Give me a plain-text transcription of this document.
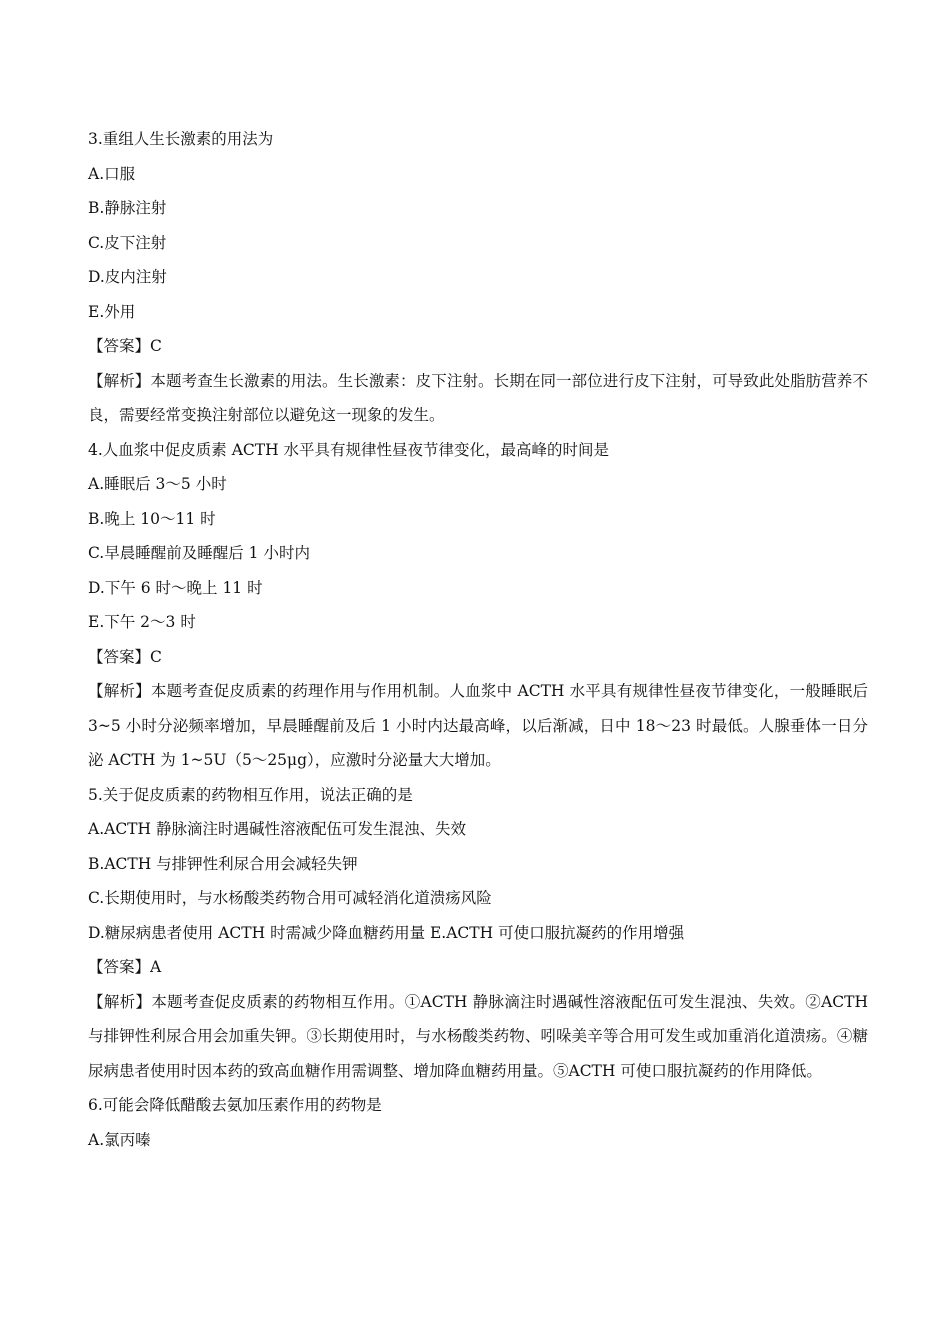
3.重组人生长激素的用法为
A.口服
B.静脉注射
C.皮下注射
D.皮内注射
E.外用
【答案】C
【解析】本题考查生长激素的用法。生长激素：皮下注射。长期在同一部位进行皮下注射，可导致此处脂肪营养不良，需要经常变换注射部位以避免这一现象的发生。
4.人血浆中促皮质素 ACTH 水平具有规律性昼夜节律变化，最高峰的时间是
A.睡眠后 3～5 小时
B.晚上 10～11 时
C.早晨睡醒前及睡醒后 1 小时内
D.下午 6 时～晚上 11 时
E.下午 2～3 时
【答案】C
【解析】本题考查促皮质素的药理作用与作用机制。人血浆中 ACTH 水平具有规律性昼夜节律变化，一般睡眠后 3~5 小时分泌频率增加，早晨睡醒前及后 1 小时内达最高峰，以后渐减，日中 18～23 时最低。人腺垂体一日分泌 ACTH 为 1~5U（5～25μg），应激时分泌量大大增加。
5.关于促皮质素的药物相互作用，说法正确的是
A.ACTH 静脉滴注时遇碱性溶液配伍可发生混浊、失效
B.ACTH 与排钾性利尿合用会减轻失钾
C.长期使用时，与水杨酸类药物合用可减轻消化道溃疡风险
D.糖尿病患者使用 ACTH 时需减少降血糖药用量 E.ACTH 可使口服抗凝药的作用增强
【答案】A
【解析】本题考查促皮质素的药物相互作用。①ACTH 静脉滴注时遇碱性溶液配伍可发生混浊、失效。②ACTH 与排钾性利尿合用会加重失钾。③长期使用时，与水杨酸类药物、吲哚美辛等合用可发生或加重消化道溃疡。④糖尿病患者使用时因本药的致高血糖作用需调整、增加降血糖药用量。⑤ACTH 可使口服抗凝药的作用降低。
6.可能会降低醋酸去氨加压素作用的药物是
A.氯丙嗪
